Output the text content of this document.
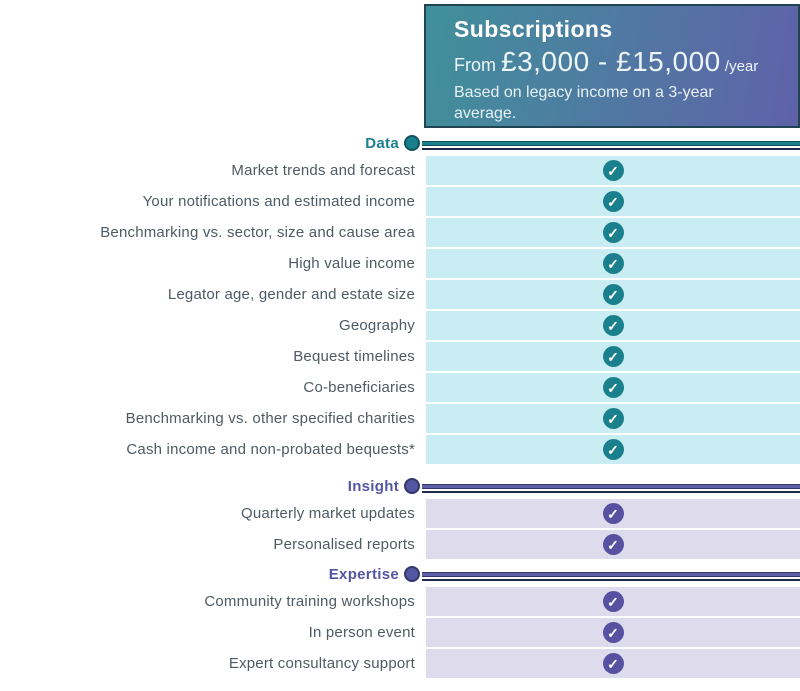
Subscriptions
From £3,000 - £15,000 /year
Based on legacy income on a 3-year average.
Data
Market trends and forecast	✓
Your notifications and estimated income	✓
Benchmarking vs. sector, size and cause area	✓
High value income	✓
Legator age, gender and estate size	✓
Geography	✓
Bequest timelines	✓
Co-beneficiaries	✓
Benchmarking vs. other specified charities	✓
Cash income and non-probated bequests*	✓
Insight
Quarterly market updates	✓
Personalised reports	✓
Expertise
Community training workshops	✓
In person event	✓
Expert consultancy support	✓
